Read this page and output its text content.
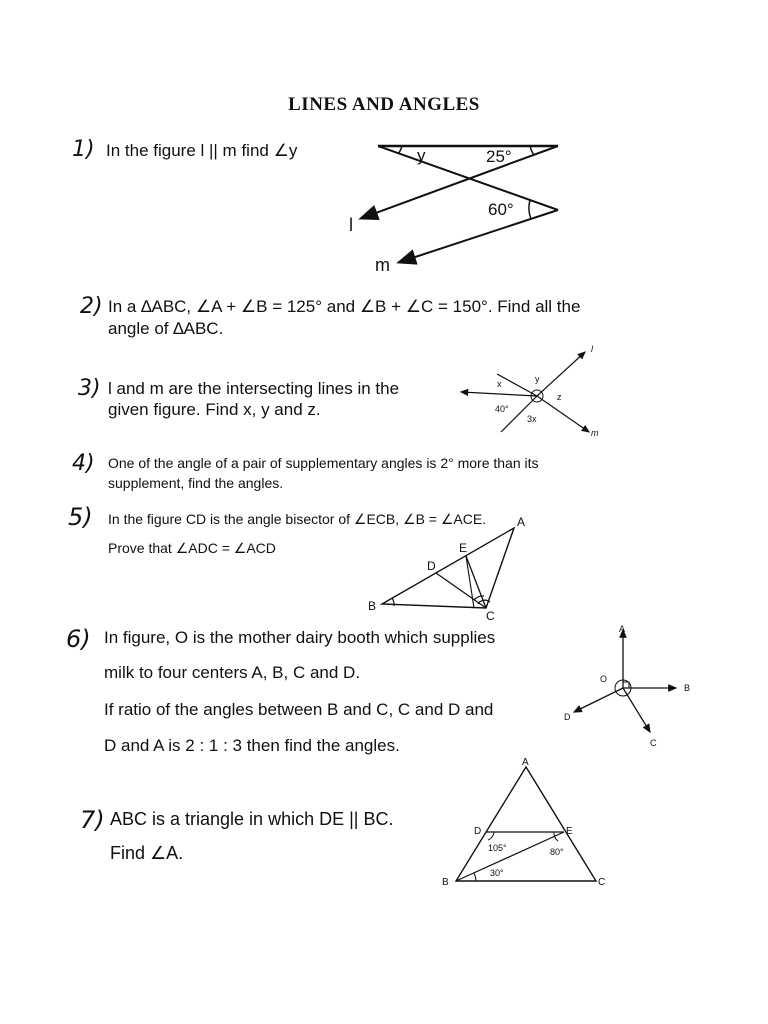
LINES AND ANGLES
1) In the figure l || m find ∠y	y	25°
60°
l
m
2) In a ∆ABC, ∠A + ∠B = 125° and ∠B + ∠C = 150°. Find all the
angle of ∆ABC.
3) l and m are the intersecting lines in the
given figure. Find x, y and z.
x	y
z
40°
3x
l
m
4) One of the angle of a pair of supplementary angles is 2° more than its
supplement, find the angles.
5) In the figure CD is the angle bisector of ∠ECB, ∠B = ∠ACE.
Prove that ∠ADC = ∠ACD
A
B
C
D
E
6) In figure, O is the mother dairy booth which supplies
milk to four centers A, B, C and D.
If ratio of the angles between B and C, C and D and
D and A is 2 : 1 : 3 then find the angles.
A
B
C
D
O
7) ABC is a triangle in which DE || BC.
Find ∠A.
A
B	C
D	E
105°	80°
30°
